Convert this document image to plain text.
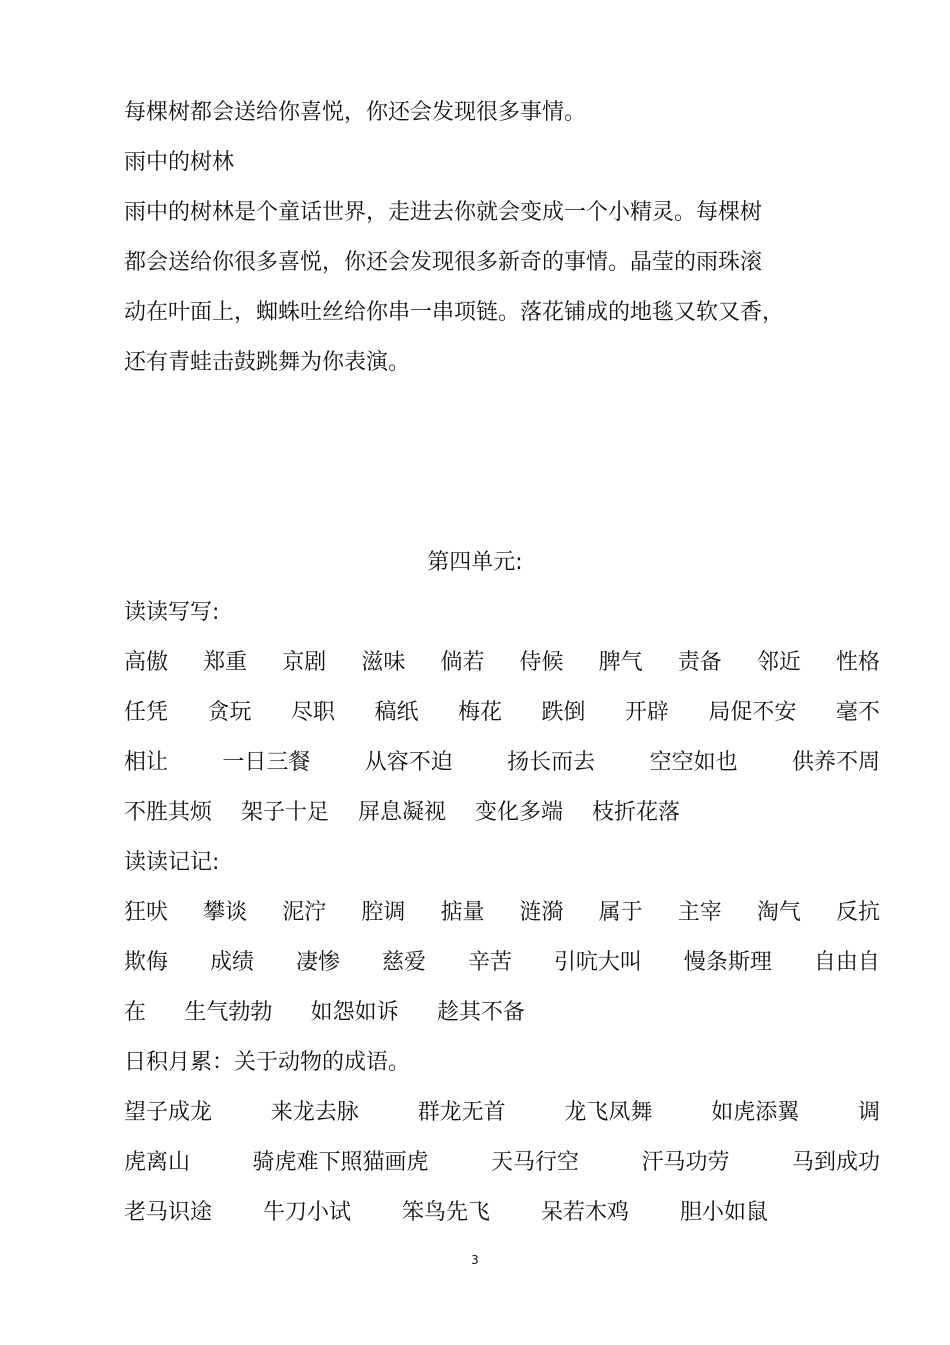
每棵树都会送给你喜悦，你还会发现很多事情。
雨中的树林
雨中的树林是个童话世界，走进去你就会变成一个小精灵。每棵树
都会送给你很多喜悦，你还会发现很多新奇的事情。晶莹的雨珠滚
动在叶面上，蜘蛛吐丝给你串一串项链。落花铺成的地毯又软又香，
还有青蛙击鼓跳舞为你表演。
第四单元:
读读写写:
高傲 郑重 京剧 滋味 倘若 侍候 脾气 责备 邻近 性格
任凭 贪玩 尽职 稿纸 梅花 跌倒 开辟 局促不安 毫不
相让 一日三餐 从容不迫 扬长而去 空空如也 供养不周
不胜其烦 架子十足 屏息凝视 变化多端 枝折花落
读读记记:
狂吠 攀谈 泥泞 腔调 掂量 涟漪 属于 主宰 淘气 反抗
欺侮 成绩 凄惨 慈爱 辛苦 引吭大叫 慢条斯理 自由自
在 生气勃勃 如怨如诉 趁其不备
日积月累：关于动物的成语。
望子成龙	来龙去脉	群龙无首	龙飞凤舞	如虎添翼	调
虎离山	骑虎难下照猫画虎	天马行空	汗马功劳	马到成功
老马识途 牛刀小试 笨鸟先飞 呆若木鸡 胆小如鼠
3
